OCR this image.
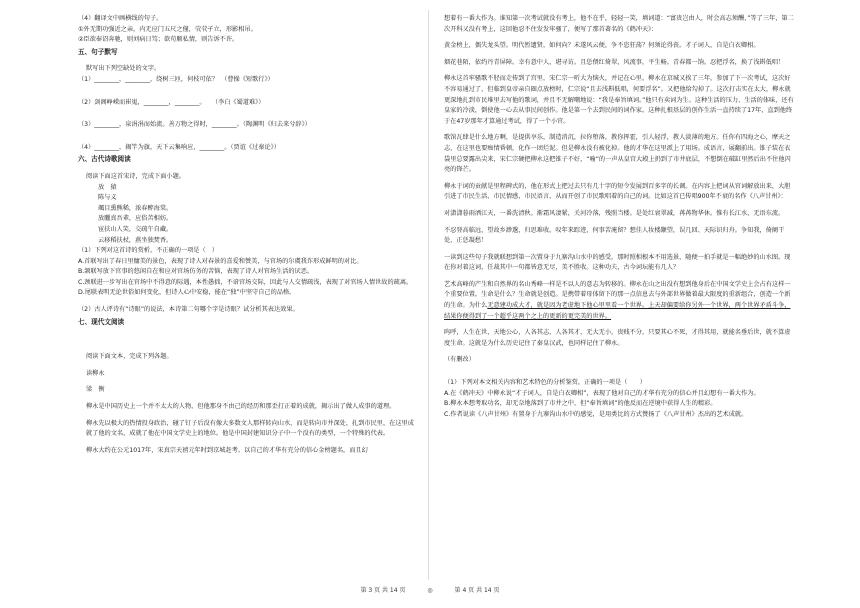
（4）翻译文中画横线的句子。

①外无期功强近之亲，内无应门五尺之僮，茕茕孑立，形影相吊。

②臣欲奉诏奔驰，则刘病日笃；欲苟顺私情，则告诉不许。

五、句子默写

默写出下列空缺处的文字。

（1）________，________，绕树三匝，何枝可依？　（曹操《短歌行》）

（2）剑阁峥嵘而崔嵬，________，________。　　（李白《蜀道难》）

（3）________，泉涓涓而始流。善万物之得时，________。（陶渊明《归去来兮辞》）

（4）________，揭竿为旗，天下云集响应，________。（贾谊《过秦论》）

六、古代诗歌阅读

阅读下面这首宋诗，完成下面小题。

放　猿

陈与义

颯目熏熊稀，浓春醉海棠。

放臞真吾辈，应俗苦相妨。

宦扶山人笑，交疏午自藏。

云移稻扶杖，燕坐独焚香。

（1）下列对这首诗的赏析，不正确的一项是（　）

A.首联写出了春日里慵美的景色，表现了诗人对春景的喜爱和赞美，与官场的尔虞我诈形成鲜明的对比。

B.颔联写放下官事的悠闲自在和应对官场仿务的苦恼，表现了诗人对官场生活的厌恶。

C.颈联进一步写出在官场中不得意的际遇，本性愚拙，不谙官场交际，因此与人交情疏浅，表现了对官场人情世故的疏离。

D.尾联表明无论世俗如何变化，但诗人心中安稳，能在“独”中坚守自己的品格。

（2）古人评诗有“诗眼”的说法，本诗第二句哪个字是诗眼？试分析其表达效果。

七、现代文阅读

阅读下面文本，完成下列各题。

读柳永

梁　衡

柳永是中国历史上一个并不太大的人物，但他那身不由己的经历和那歪打正着的成就，揭示出了做人成事的道理。

柳永先以极大的热情投身政治，碰了钉子后没有像大多数文人那样转向山水，而是转向市井深处，扎到市民里，在这里成就了他的文名，成就了他在中国文学史上的地位。他是中国封建知识分子中一个没有的类型，一个特殊的代表。

柳永大约在公元1017年，宋真宗天禧元年时到京城赶考。以自己的才华有充分的信心金榜题名，而且幻

想着有一番大作为。谁知第一次考试就没有考上，他不在乎，轻轻一笑，填词道：“富贵岂由人，时会高志须酬，”等了三年，第二次开科又没有考上，这回他忍不住发发牢骚了，便写了那首著名的《鹤冲天》：

黄金榜上，偶失龙头望。明代暂遗贤，如何向？未遂风云便，争不恣狂荡？何须论得丧。才子词人，自是白衣卿相。

烟花巷陌，依约丹青屏障。幸有意中人，堪寻访。且恁偎红倚翠，风流事，平生畅。青春都一饷。忍把浮名，换了浅斟低唱！

柳永这首牢骚歌不胫而走传到了宫里，宋仁宗一听大为恼火，并记在心里。柳永在京城又挨了三年，参加了下一次考试，这次好不容易通过了，但临到皇帝亲自圈点放榜时，仁宗说“且去浅斟低唱，何要浮名”。又把他给勾掉了。这次打击实在太大，柳永就更深地扎到市民堆里去写他的歌词，并且不无解嘲地说：“我是奉旨填词。”他只有卖词为生。这种生活的压力、生活的体味，还有皇家的冷淡，倒使他一心去从事民间创作。他是第一个去到民间的词作家。这种扎根基层的创作生活一直持续了17年，直到他终于在47岁那年才算通过考试，得了一个小官。

歌馆瓦肆是什么地方啊，是提供享乐，制造消沉，拉你堕落，教你挥霍，引人轻浮，教人淡薄的地方。任你有四海之心，摩天之志，在这里也要痴情昏顿，化作一团烂泥。但是柳永没有被化掉。他的才华在这里派上了用场。成语言，展翻前出。锥子装在衣袋里总要露出尖来，宋仁宗硬把柳永这把锥子不好，“喻”的一声从皇宫大殿上扔到了市井底层，不想倒在破缸里然后出不住他闪亮的锋芒。

柳永于词的贡献是里程碑式的，他在形式上把过去只有几十字的短令发展到百多字的长调。在内容上把词从官词解放出来，大胆引进了市民生活、市民情感，市民语言，从而开创了市民歌唱着的自己的词。比如这首已传唱900年不衰的名作《八声甘州》：

对潇潇暮雨洒江天，一番洗清秋。渐霜风凄紧，关河冷落，残照当楼。是处红衰翠减，苒苒物华休。惟有长江水，无语东流。

不忍登高临远，望故乡渺邈，归思难收。叹年来踪迹，何事苦淹留？想佳人妆楼颙望，误几回、天际识归舟。争知我，倚阑干处，正恁凝愁！

一读到这些句子我就联想到第一次置身于九寨沟山水中的感受，那时照相根本不用选景，随便一拍手就是一幅绝妙的山水图。现在你对着这词，任裁其中一句都皆意无尽，美不胜收。这种功夫，古今词坛能有几人？

艺术高峰的产生和自然界的名山秀峰一样是不以人的意志为转移的。柳永在山之出没有想到他身后在中国文学史上会占有这样一个重要位置。生命是什么？生命就是创造。是携带着母体留下的那一点信息去与外部世界做着最大限度的重新组合，创造一个新的生命。为什么无意建功成大才，就是因为老虚地下他心里里看一个世界。上天却偏要给你另外一个世界，两个世界矛盾斗争，结果你便得到了一个超乎这两个之上的更新的更完美的世界。

呜呼，人生在世，天地公心，人各其志，人各其才，无大无小，贵贱不分，只要其心不死，才得其用，就能名垂后世，就不算虚度生命。这就是为什么历史记住了秦皇汉武，也同样记住了柳永。

（有删改）

（1）下列对本文相关内容和艺术特色的分析鉴赏，正确的一项是（　　）

A.在《鹤冲天》中柳永说“才子词人，自是白衣卿相”，表现了他对自己的才华有充分的信心并且幻想有一番大作为。

B.柳永本想考取功名，却无奈地落到了市井之中，但“奉旨填词”的他反而在逆境中获得人生的精彩。

C.作者说读《八声甘州》有置身于九寨沟山水中的感觉，是用类比的方式赞扬了《八声甘州》杰出的艺术成就。

第 3 页 共 14 页	◎	第 4 页 共 14 页
